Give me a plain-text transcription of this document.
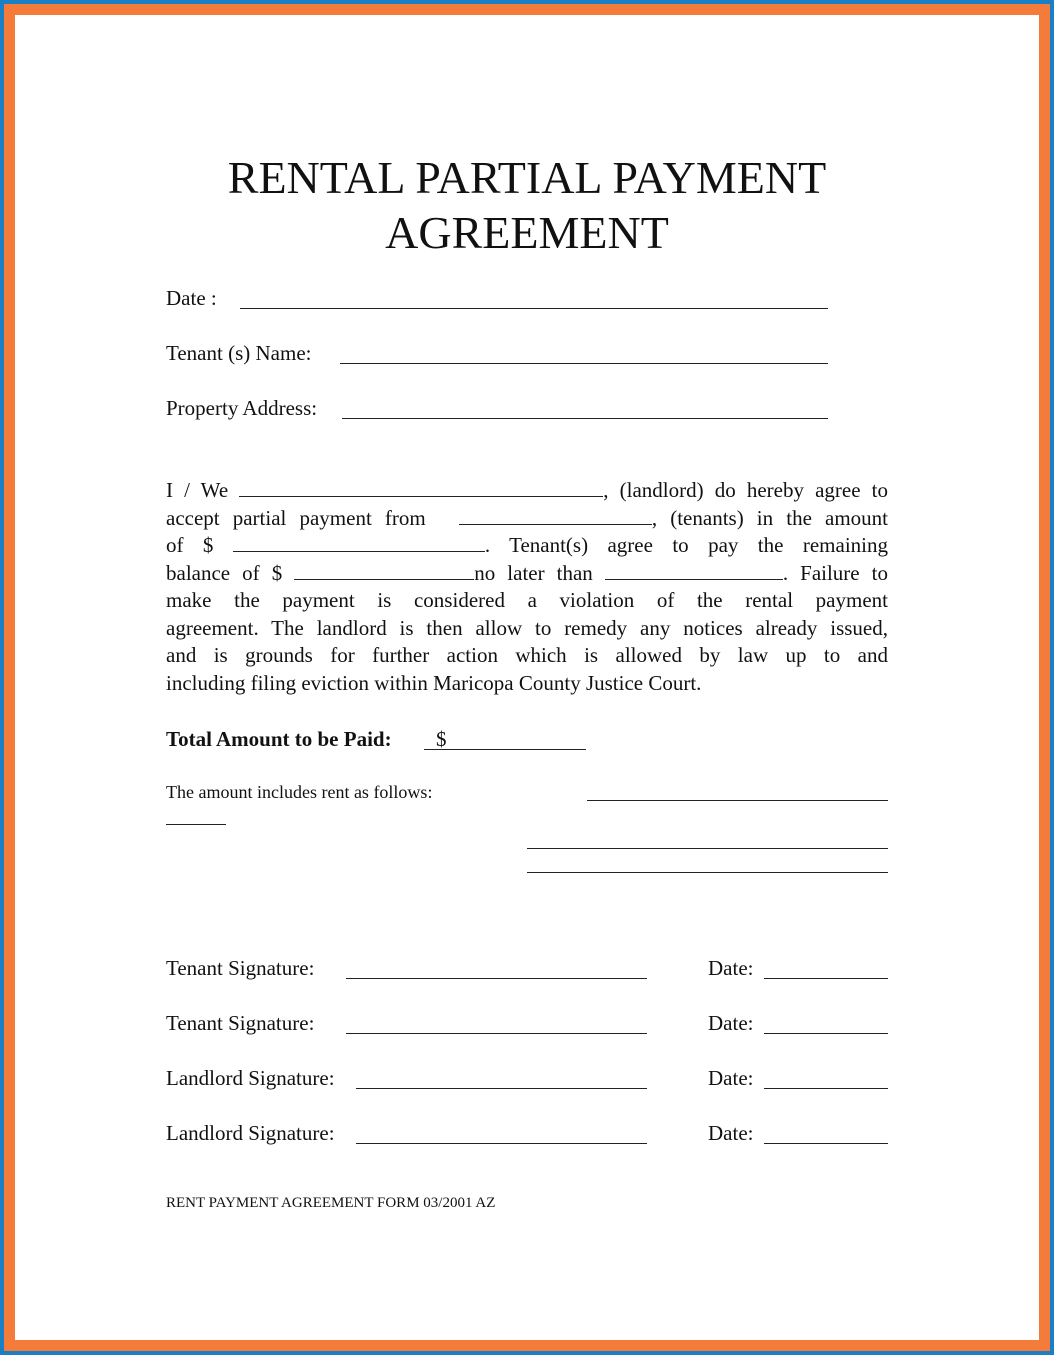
RENTAL PARTIAL PAYMENT
AGREEMENT
Date :
Tenant (s) Name:
Property Address:
I / We	, (landlord) do hereby agree to
accept partial payment from	, (tenants) in the amount
of $	. Tenant(s) agree to pay the remaining
balance of $	no later than	. Failure to
make the payment is considered a violation of the rental payment
agreement. The landlord is then allow to remedy any notices already issued,
and is grounds for further action which is allowed by law up to and
including filing eviction within Maricopa County Justice Court.
Total Amount to be Paid: $
The amount includes rent as follows:
Tenant Signature:	Date:
Tenant Signature:	Date:
Landlord Signature:	Date:
Landlord Signature:	Date:
RENT PAYMENT AGREEMENT FORM 03/2001 AZ
